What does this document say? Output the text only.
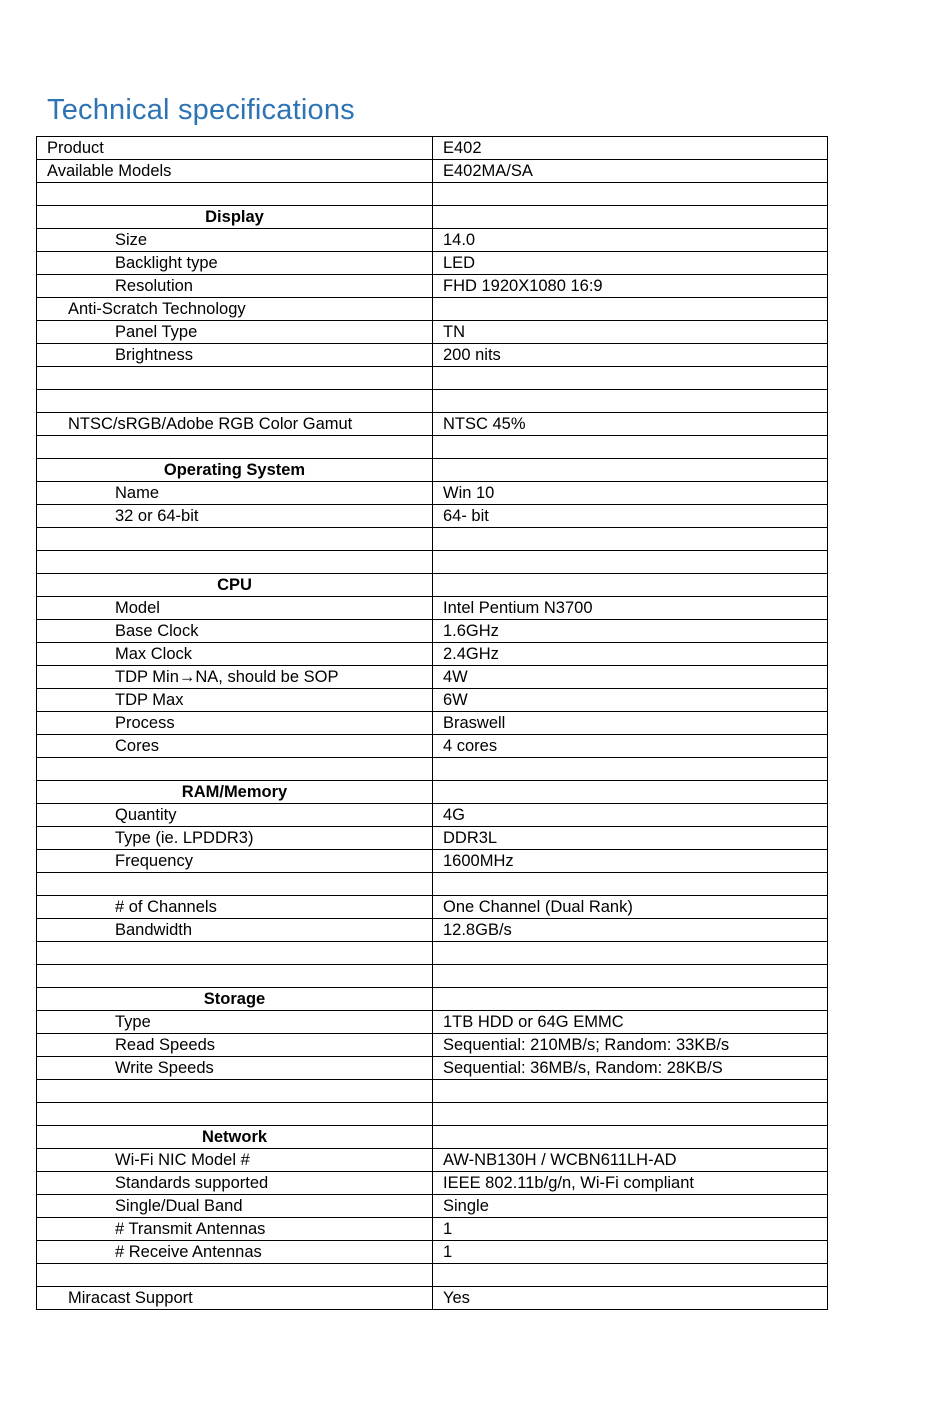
Technical specifications
Product	E402
Available Models	E402MA/SA

Display	
Size	14.0
Backlight type	LED
Resolution	FHD 1920X1080 16:9
Anti-Scratch Technology	
Panel Type	TN
Brightness	200 nits

NTSC/sRGB/Adobe RGB Color Gamut	NTSC 45%

Operating System	
Name	Win 10
32 or 64-bit	64- bit

CPU	
Model	Intel Pentium N3700
Base Clock	1.6GHz
Max Clock	2.4GHz
TDP Min→NA, should be SOP	4W
TDP Max	6W
Process	Braswell
Cores	4 cores

RAM/Memory	
Quantity	4G
Type (ie. LPDDR3)	DDR3L
Frequency	1600MHz

# of Channels	One Channel (Dual Rank)
Bandwidth	12.8GB/s

Storage	
Type	1TB HDD or 64G EMMC
Read Speeds	Sequential: 210MB/s; Random: 33KB/s
Write Speeds	Sequential: 36MB/s, Random: 28KB/S

Network	
Wi-Fi NIC Model #	AW-NB130H / WCBN611LH-AD
Standards supported	IEEE 802.11b/g/n, Wi-Fi compliant
Single/Dual Band	Single
# Transmit Antennas	1
# Receive Antennas	1

Miracast Support	Yes
